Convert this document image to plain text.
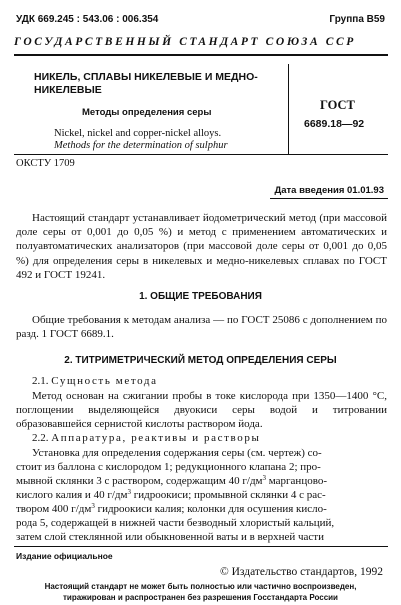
УДК 669.245 : 543.06 : 006.354	Группа В59
ГОСУДАРСТВЕННЫЙ СТАНДАРТ СОЮЗА ССР
НИКЕЛЬ, СПЛАВЫ НИКЕЛЕВЫЕ И МЕДНО-
НИКЕЛЕВЫЕ
Методы определения серы
Nickel, nickel and copper-nickel alloys.
Methods for the determination of sulphur
ГОСТ
6689.18—92
ОКСТУ 1709
Дата введения 01.01.93
Настоящий стандарт устанавливает йодометрический метод (при массовой доле серы от 0,001 до 0,05 %) и метод с применением автоматических и полуавтоматических анализаторов (при массовой доле серы от 0,001 до 0,05 %) для определения серы в никелевых и медно-никелевых сплавах по ГОСТ 492 и ГОСТ 19241.
1. ОБЩИЕ ТРЕБОВАНИЯ
Общие требования к методам анализа — по ГОСТ 25086 с дополнением по разд. 1 ГОСТ 6689.1.
2. ТИТРИМЕТРИЧЕСКИЙ МЕТОД ОПРЕДЕЛЕНИЯ СЕРЫ
2.1. Сущность метода
Метод основан на сжигании пробы в токе кислорода при 1350—1400 °С, поглощении выделяющейся двуокиси серы водой и титровании образовавшейся сернистой кислоты раствором йода.
2.2. Аппаратура, реактивы и растворы
Установка для определения содержания серы (см. чертеж) со-
стоит из баллона с кислородом 1; редукционного клапана 2; про-
мывной склянки 3 с раствором, содержащим 40 $г/дм^3$ марганцово-
кислого калия и 40 $г/дм^3$ гидроокиси; промывной склянки 4 с рас-
твором 400 $г/дм^3$ гидроокиси калия; колонки для осушения кисло-
рода 5, содержащей в нижней части безводный хлористый кальций,
затем слой стеклянной или обыкновенной ваты и в верхней части
Издание официальное
© Издательство стандартов, 1992
Настоящий стандарт не может быть полностью или частично воспроизведен,
тиражирован и распространен без разрешения Госстандарта России
